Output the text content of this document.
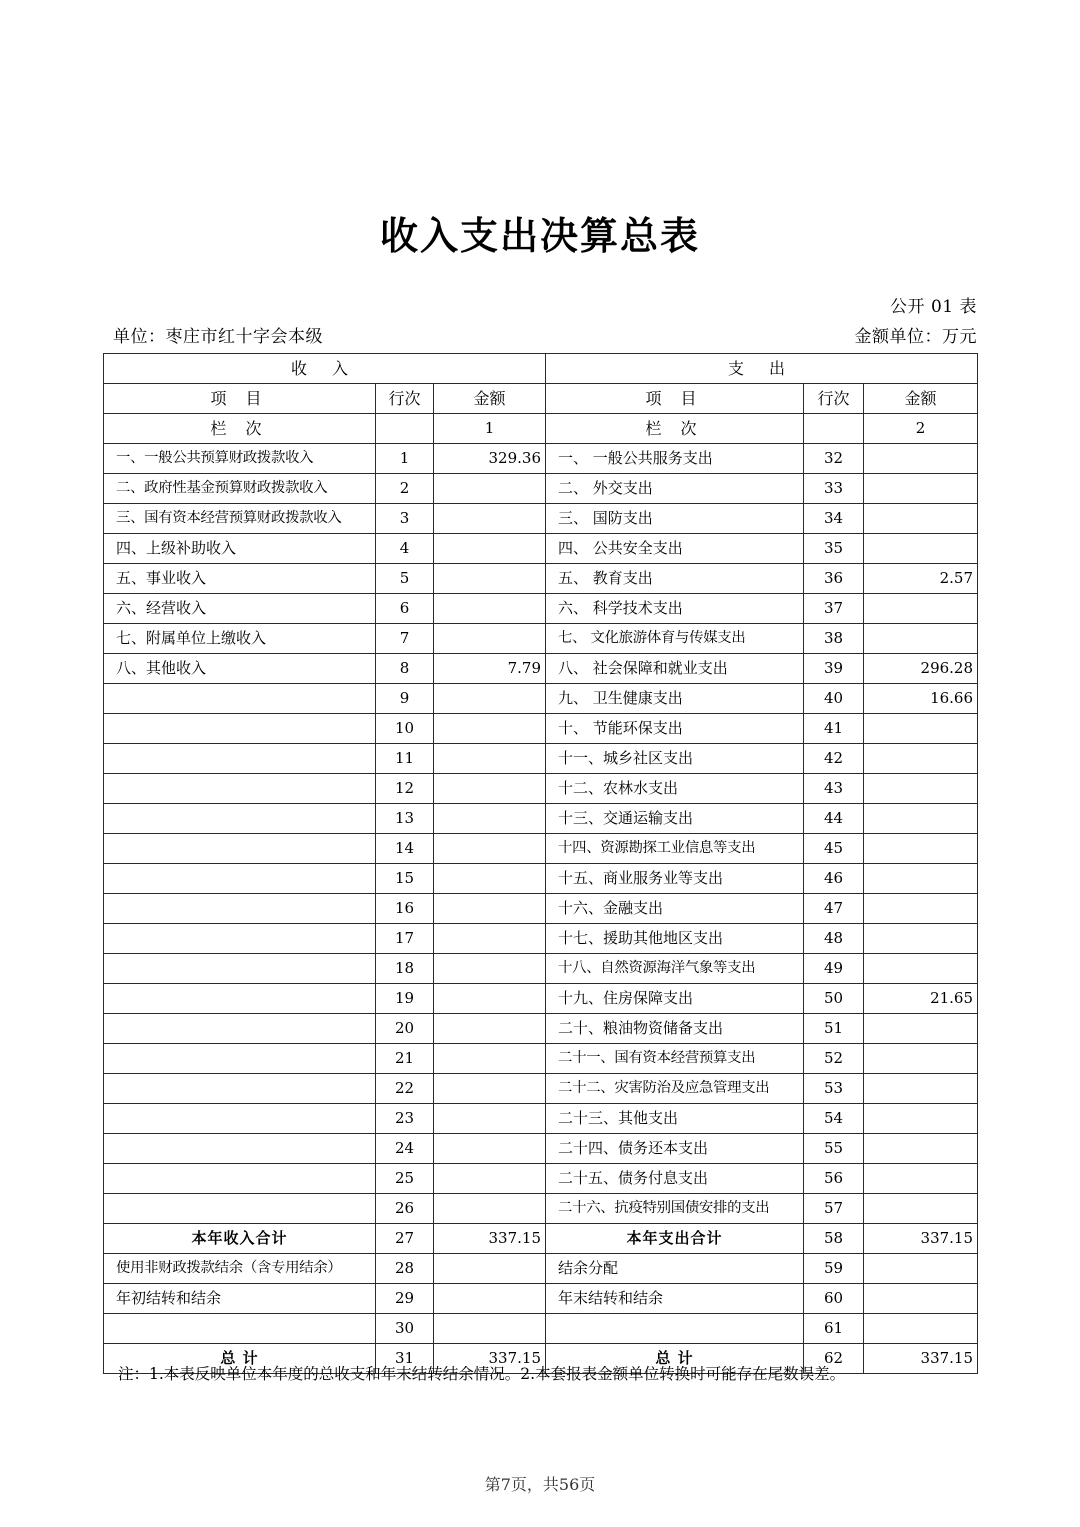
收入支出决算总表
公开 01 表
金额单位：万元
单位：枣庄市红十字会本级
收 入			支 出		
项 目	行次	金额	项 目	行次	金额
栏 次		1	栏 次		2

一、一般公共预算财政拨款收入	1	329.36	一、 一般公共服务支出	32	

二、政府性基金预算财政拨款收入	2		二、 外交支出	33	

三、国有资本经营预算财政拨款收入	3		三、 国防支出	34	

四、上级补助收入	4		四、 公共安全支出	35	

五、事业收入	5		五、 教育支出	36	2.57

六、经营收入	6		六、 科学技术支出	37	

七、附属单位上缴收入	7		七、 文化旅游体育与传媒支出	38	

八、其他收入	8	7.79	八、 社会保障和就业支出	39	296.28

	9		九、 卫生健康支出	40	16.66

	10		十、 节能环保支出	41	

	11		十一、城乡社区支出	42	

	12		十二、农林水支出	43	

	13		十三、交通运输支出	44	

	14		十四、资源勘探工业信息等支出	45	

	15		十五、商业服务业等支出	46	

	16		十六、金融支出	47	

	17		十七、援助其他地区支出	48	

	18		十八、自然资源海洋气象等支出	49	

	19		十九、住房保障支出	50	21.65

	20		二十、粮油物资储备支出	51	

	21		二十一、国有资本经营预算支出	52	

	22		二十二、灾害防治及应急管理支出	53	

	23		二十三、其他支出	54	

	24		二十四、债务还本支出	55	

	25		二十五、债务付息支出	56	

	26		二十六、抗疫特别国债安排的支出	57	

本年收入合计	27	337.15	本年支出合计	58	337.15

使用非财政拨款结余（含专用结余）	28		结余分配	59	

年初结转和结余	29		年末结转和结余	60	

	30			61	

总 计	31	337.15	总 计	62	337.15
注：1.本表反映单位本年度的总收支和年末结转结余情况。2.本套报表金额单位转换时可能存在尾数误差。
第7页，共56页
